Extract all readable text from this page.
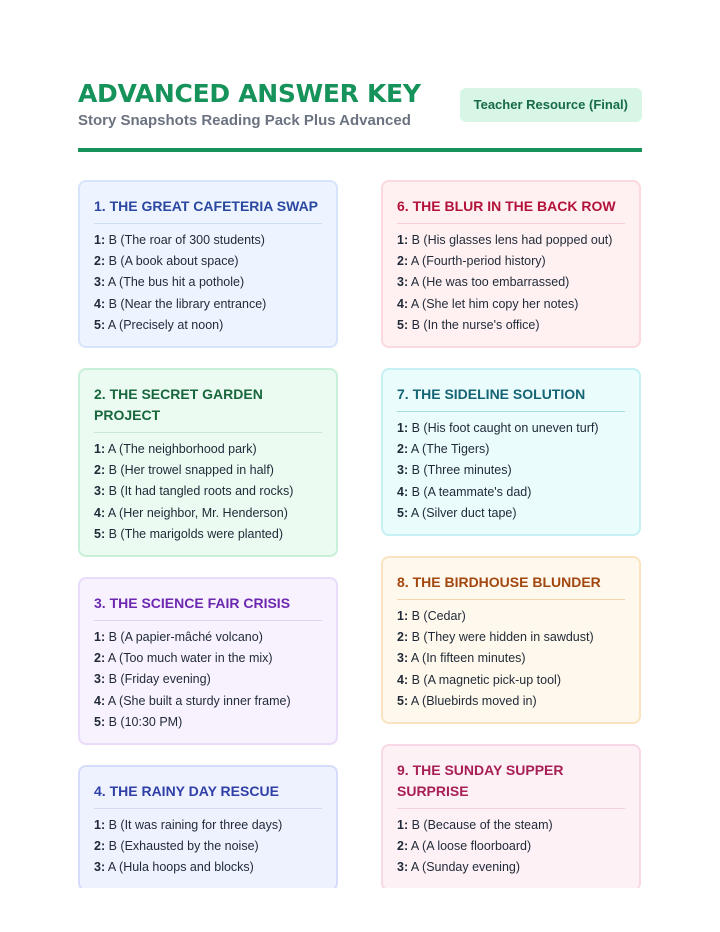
ADVANCED ANSWER KEY
Story Snapshots Reading Pack Plus Advanced
Teacher Resource (Final)
1. THE GREAT CAFETERIA SWAP
1: B (The roar of 300 students)
2: B (A book about space)
3: A (The bus hit a pothole)
4: B (Near the library entrance)
5: A (Precisely at noon)
2. THE SECRET GARDEN PROJECT
1: A (The neighborhood park)
2: B (Her trowel snapped in half)
3: B (It had tangled roots and rocks)
4: A (Her neighbor, Mr. Henderson)
5: B (The marigolds were planted)
3. THE SCIENCE FAIR CRISIS
1: B (A papier-mâché volcano)
2: A (Too much water in the mix)
3: B (Friday evening)
4: A (She built a sturdy inner frame)
5: B (10:30 PM)
4. THE RAINY DAY RESCUE
1: B (It was raining for three days)
2: B (Exhausted by the noise)
3: A (Hula hoops and blocks)
6. THE BLUR IN THE BACK ROW
1: B (His glasses lens had popped out)
2: A (Fourth-period history)
3: A (He was too embarrassed)
4: A (She let him copy her notes)
5: B (In the nurse's office)
7. THE SIDELINE SOLUTION
1: B (His foot caught on uneven turf)
2: A (The Tigers)
3: B (Three minutes)
4: B (A teammate's dad)
5: A (Silver duct tape)
8. THE BIRDHOUSE BLUNDER
1: B (Cedar)
2: B (They were hidden in sawdust)
3: A (In fifteen minutes)
4: B (A magnetic pick-up tool)
5: A (Bluebirds moved in)
9. THE SUNDAY SUPPER SURPRISE
1: B (Because of the steam)
2: A (A loose floorboard)
3: A (Sunday evening)
